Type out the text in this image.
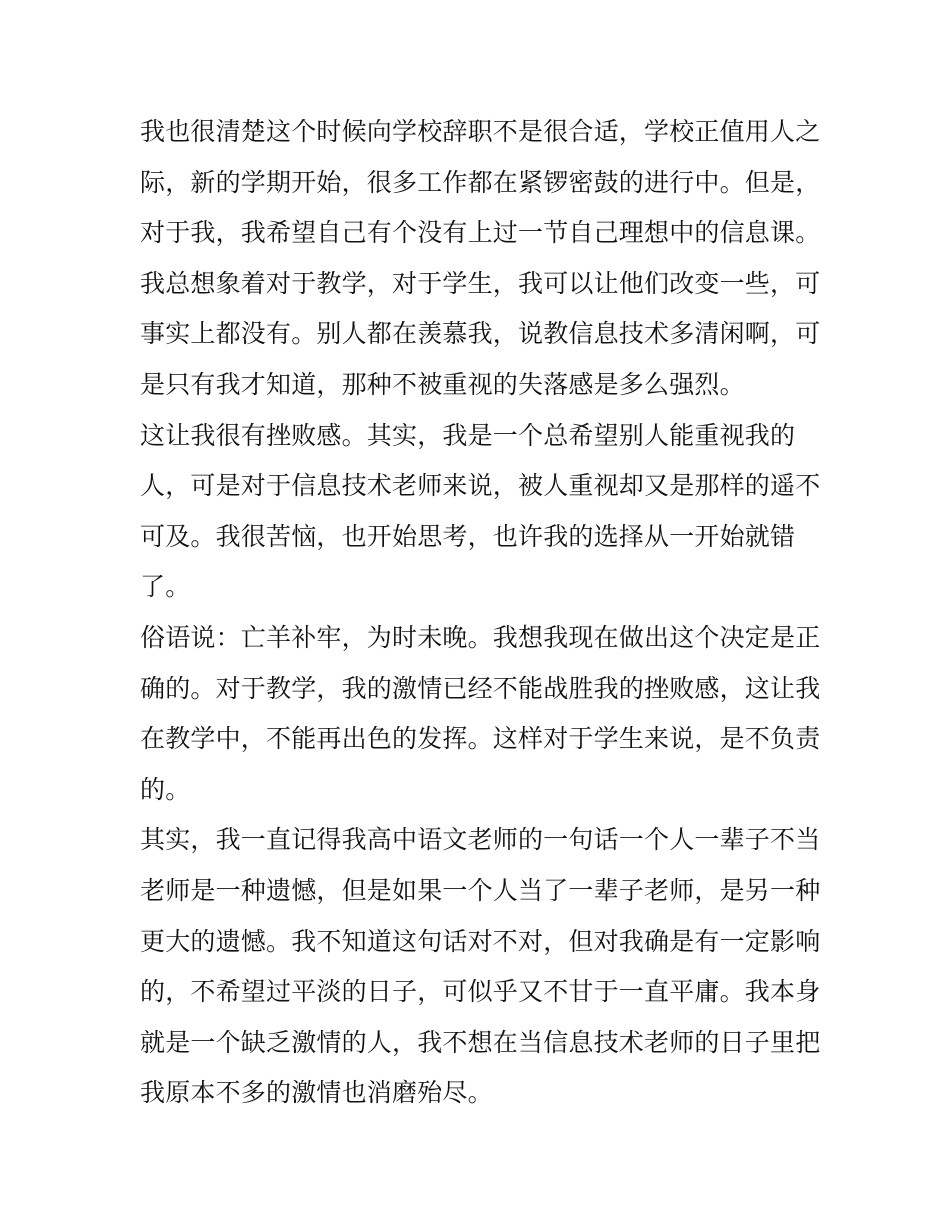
我也很清楚这个时候向学校辞职不是很合适，学校正值用人之
际，新的学期开始，很多工作都在紧锣密鼓的进行中。但是，
对于我，我希望自己有个没有上过一节自己理想中的信息课。
我总想象着对于教学，对于学生，我可以让他们改变一些，可
事实上都没有。别人都在羡慕我，说教信息技术多清闲啊，可
是只有我才知道，那种不被重视的失落感是多么强烈。
这让我很有挫败感。其实，我是一个总希望别人能重视我的
人，可是对于信息技术老师来说，被人重视却又是那样的遥不
可及。我很苦恼，也开始思考，也许我的选择从一开始就错
了。
俗语说：亡羊补牢，为时未晚。我想我现在做出这个决定是正
确的。对于教学，我的激情已经不能战胜我的挫败感，这让我
在教学中，不能再出色的发挥。这样对于学生来说，是不负责
的。
其实，我一直记得我高中语文老师的一句话一个人一辈子不当
老师是一种遗憾，但是如果一个人当了一辈子老师，是另一种
更大的遗憾。我不知道这句话对不对，但对我确是有一定影响
的，不希望过平淡的日子，可似乎又不甘于一直平庸。我本身
就是一个缺乏激情的人，我不想在当信息技术老师的日子里把
我原本不多的激情也消磨殆尽。
